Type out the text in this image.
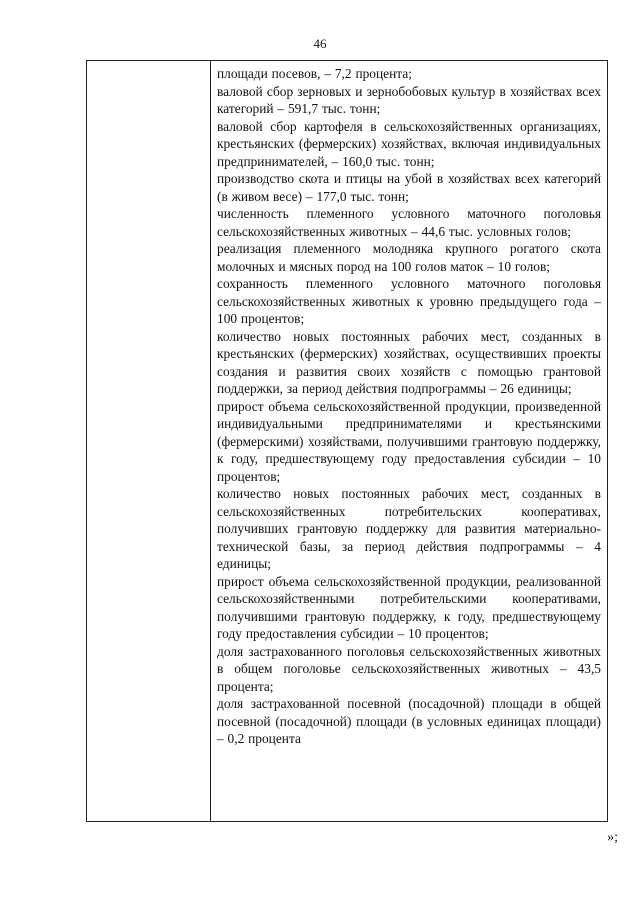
46

площади посевов, – 7,2 процента;

валовой сбор зерновых и зернобобовых культур в хозяйствах всех категорий – 591,7 тыс. тонн;

валовой сбор картофеля в сельскохозяйственных организациях, крестьянских (фермерских) хозяйствах, включая индивидуальных предпринимателей, – 160,0 тыс. тонн;

производство скота и птицы на убой в хозяйствах всех категорий (в живом весе) – 177,0 тыс. тонн;

численность племенного условного маточного поголовья сельскохозяйственных животных – 44,6 тыс. условных голов;

реализация племенного молодняка крупного рогатого скота молочных и мясных пород на 100 голов маток – 10 голов;

сохранность племенного условного маточного поголовья сельскохозяйственных животных к уровню предыдущего года – 100 процентов;

количество новых постоянных рабочих мест, созданных в крестьянских (фермерских) хозяйствах, осуществивших проекты создания и развития своих хозяйств с помощью грантовой поддержки, за период действия подпрограммы – 26 единицы;

прирост объема сельскохозяйственной продукции, произведенной индивидуальными предпринимателями и крестьянскими (фермерскими) хозяйствами, получившими грантовую поддержку, к году, предшествующему году предоставления субсидии – 10 процентов;

количество новых постоянных рабочих мест, созданных в сельскохозяйственных потребительских кооперативах, получивших грантовую поддержку для развития материально-технической базы, за период действия подпрограммы – 4 единицы;

прирост объема сельскохозяйственной продукции, реализованной сельскохозяйственными потребительскими кооперативами, получившими грантовую поддержку, к году, предшествующему году предоставления субсидии – 10 процентов;

доля застрахованного поголовья сельскохозяйственных животных в общем поголовье сельскохозяйственных животных – 43,5 процента;

доля застрахованной посевной (посадочной) площади в общей посевной (посадочной) площади (в условных единицах площади) – 0,2 процента

»;
